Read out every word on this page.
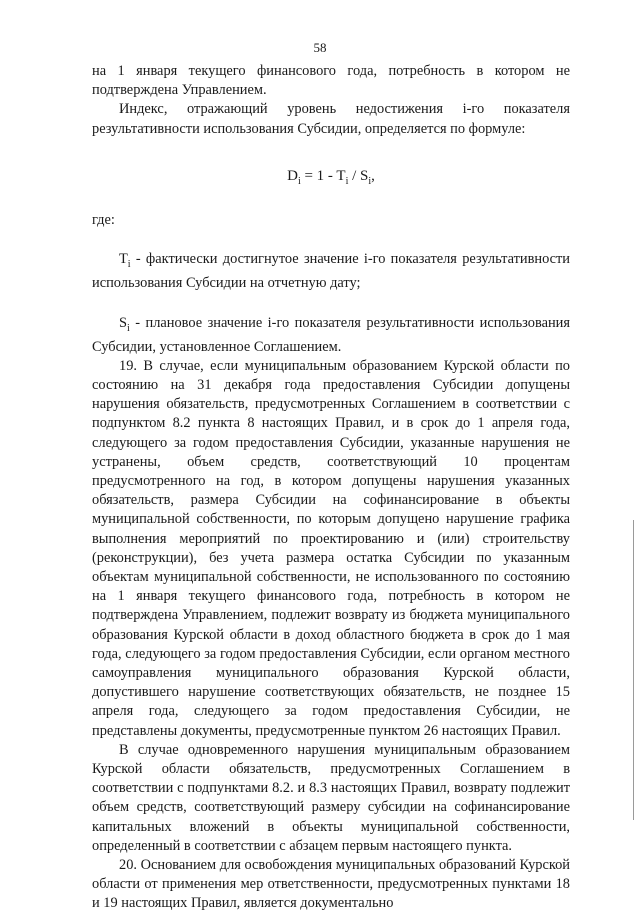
58

на 1 января текущего финансового года, потребность в котором не подтверждена Управлением.

Индекс, отражающий уровень недостижения i-го показателя результативности использования Субсидии, определяется по формуле:

$D_i = 1 - T_i / S_i$,

где:

$T_i$ - фактически достигнутое значение i-го показателя результативности использования Субсидии на отчетную дату;

$S_i$ - плановое значение i-го показателя результативности использования Субсидии, установленное Соглашением.

19. В случае, если муниципальным образованием Курской области по состоянию на 31 декабря года предоставления Субсидии допущены нарушения обязательств, предусмотренных Соглашением в соответствии с подпунктом 8.2 пункта 8 настоящих Правил, и в срок до 1 апреля года, следующего за годом предоставления Субсидии, указанные нарушения не устранены, объем средств, соответствующий 10 процентам предусмотренного на год, в котором допущены нарушения указанных обязательств, размера Субсидии на софинансирование в объекты муниципальной собственности, по которым допущено нарушение графика выполнения мероприятий по проектированию и (или) строительству (реконструкции), без учета размера остатка Субсидии по указанным объектам муниципальной собственности, не использованного по состоянию на 1 января текущего финансового года, потребность в котором не подтверждена Управлением, подлежит возврату из бюджета муниципального образования Курской области в доход областного бюджета в срок до 1 мая года, следующего за годом предоставления Субсидии, если органом местного самоуправления муниципального образования Курской области, допустившего нарушение соответствующих обязательств, не позднее 15 апреля года, следующего за годом предоставления Субсидии, не представлены документы, предусмотренные пунктом 26 настоящих Правил.

В случае одновременного нарушения муниципальным образованием Курской области обязательств, предусмотренных Соглашением в соответствии с подпунктами 8.2. и 8.3 настоящих Правил, возврату подлежит объем средств, соответствующий размеру субсидии на софинансирование капитальных вложений в объекты муниципальной собственности, определенный в соответствии с абзацем первым настоящего пункта.

20. Основанием для освобождения муниципальных образований Курской области от применения мер ответственности, предусмотренных пунктами 18 и 19 настоящих Правил, является документально
